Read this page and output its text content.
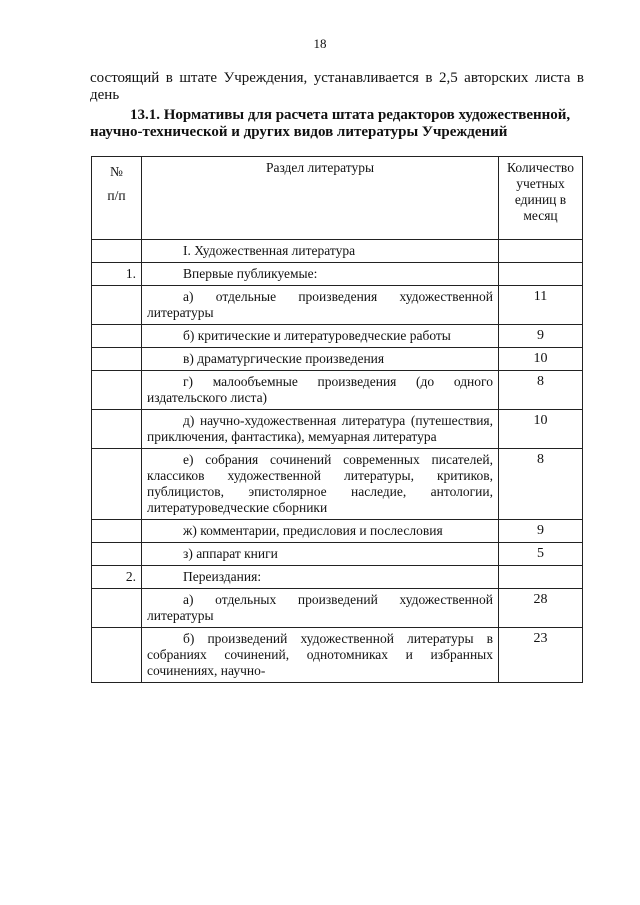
18
состоящий в штате Учреждения, устанавливается в 2,5 авторских листа в день
13.1. Нормативы для расчета штата редакторов художественной,
научно-технической и других видов литературы Учреждений
№
п/п	Раздел литературы	Количество учетных единиц в месяц
	I. Художественная литература	
1.	Впервые публикуемые:	
	а) отдельные произведения художественной литературы	11
	б) критические и литературоведческие работы	9
	в) драматургические произведения	10
	г) малообъемные произведения (до одного издательского листа)	8
	д) научно-художественная литература (путешествия, приключения, фантастика), мемуарная литература	10
	е) собрания сочинений современных писателей, классиков художественной литературы, критиков, публицистов, эпистолярное наследие, антологии, литературоведческие сборники	8
	ж) комментарии, предисловия и послесловия	9
	з) аппарат книги	5
2.	Переиздания:	
	а) отдельных произведений художественной литературы	28
	б) произведений художественной литературы в собраниях сочинений, однотомниках и избранных сочинениях, научно-	23
